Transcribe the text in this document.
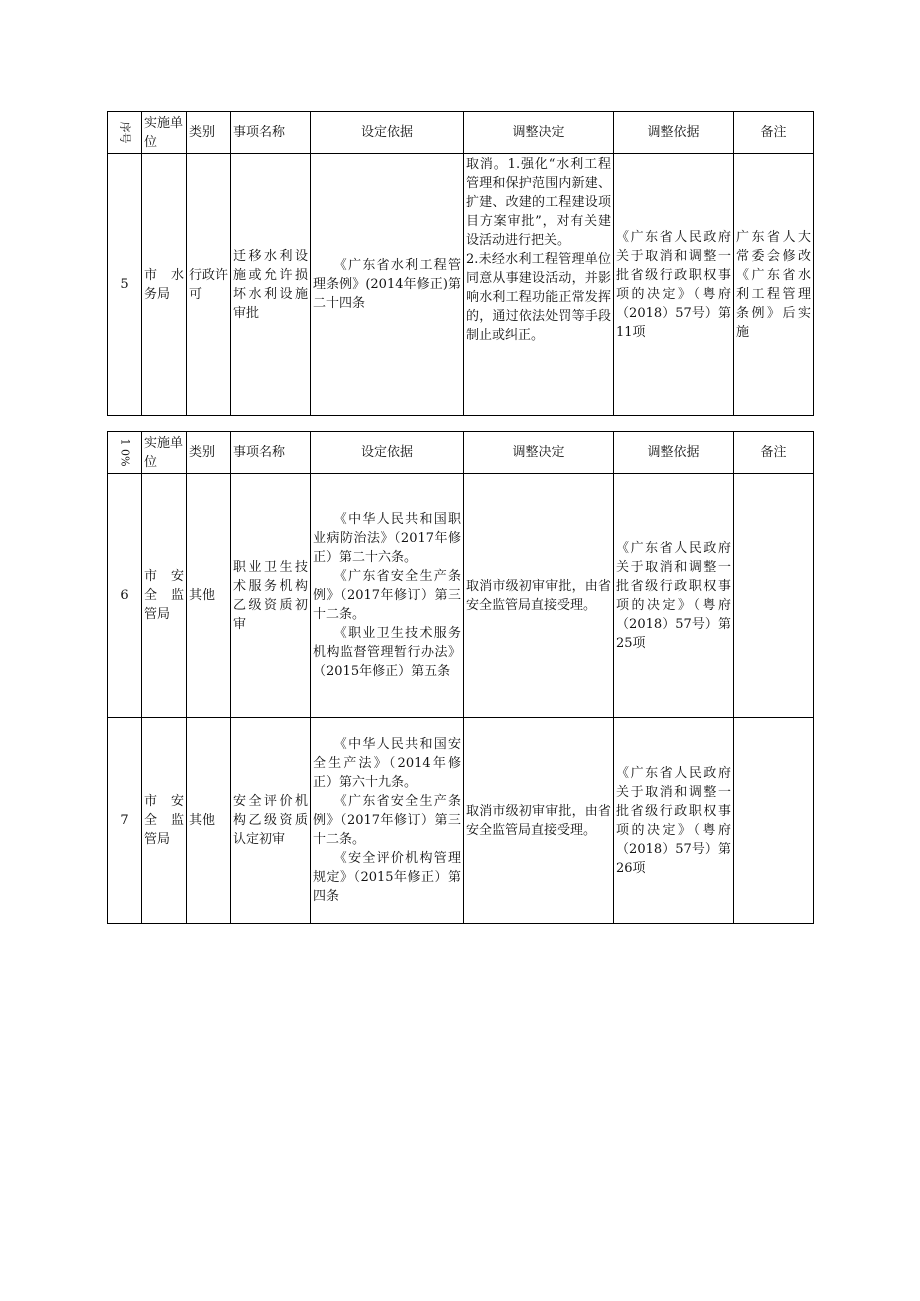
序号	实施单位	类别	事项名称	设定依据	调整决定	调整依据	备注
5	市 水务局	行政许可	迁移水利设施或允许损坏水利设施审批	《广东省水利工程管理条例》(2014年修正)第二十四条	取消。1.强化“水利工程管理和保护范围内新建、扩建、改建的工程建设项目方案审批”，对有关建设活动进行把关。
2.未经水利工程管理单位同意从事建设活动，并影响水利工程功能正常发挥的，通过依法处罚等手段制止或纠正。	《广东省人民政府关于取消和调整一批省级行政职权事项的决定》（粤府（2018）57号）第11项	广东省人大常委会修改《广东省水利工程管理条例》后实施
1 0%	实施单位	类别	事项名称	设定依据	调整决定	调整依据	备注
6	市 安全 监管局	其他	职业卫生技术服务机构乙级资质初审	《中华人民共和国职业病防治法》（2017年修正）第二十六条。

《广东省安全生产条例》（2017年修订）第三十二条。

《职业卫生技术服务机构监督管理暂行办法》（2015年修正）第五条	取消市级初审审批，由省安全监管局直接受理。	《广东省人民政府关于取消和调整一批省级行政职权事项的决定》（粤府（2018）57号）第25项	
7	市 安全 监管局	其他	安全评价机构乙级资质认定初审	《中华人民共和国安全生产法》（2014年修正）第六十九条。

《广东省安全生产条例》（2017年修订）第三十二条。

《安全评价机构管理规定》（2015年修正）第四条	取消市级初审审批，由省安全监管局直接受理。	《广东省人民政府关于取消和调整一批省级行政职权事项的决定》（粤府（2018）57号）第26项	
